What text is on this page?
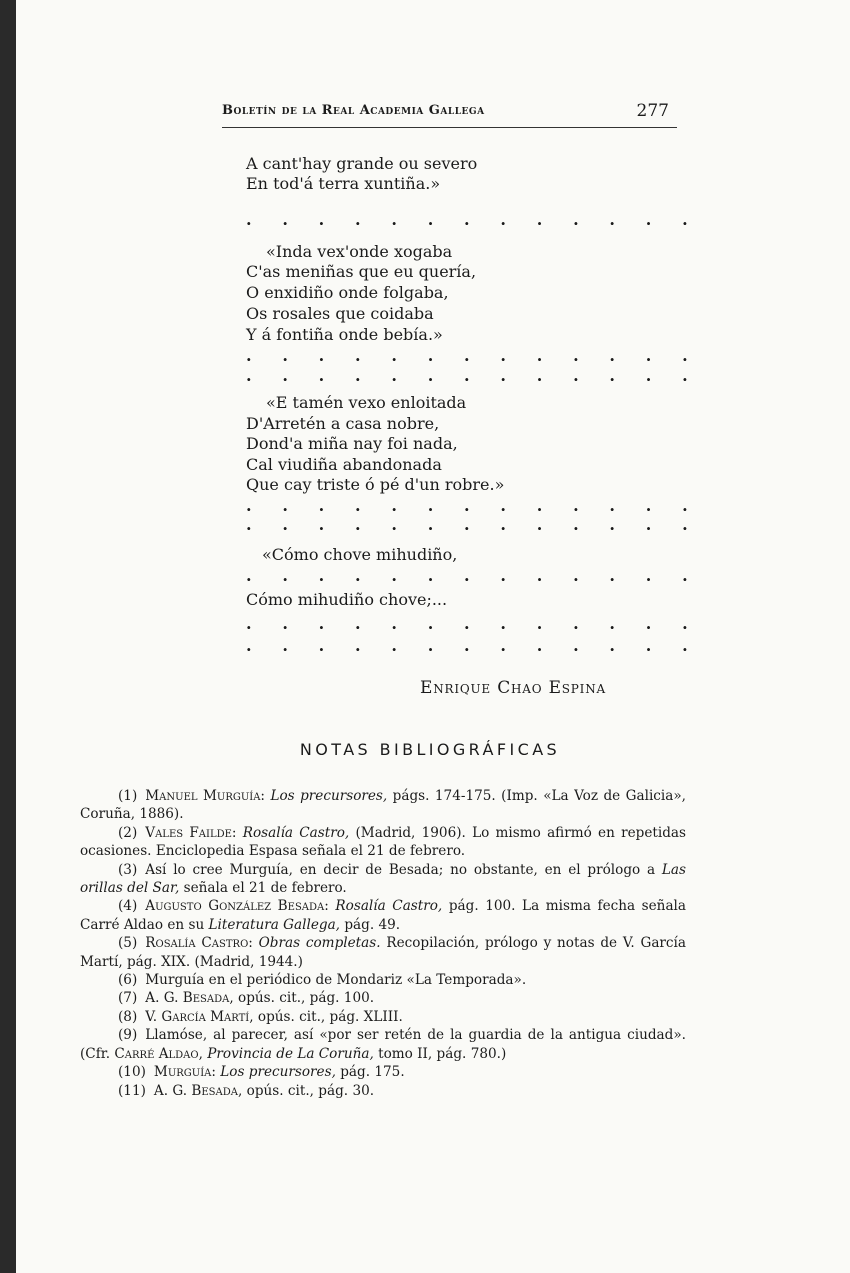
Boletín de la Real Academia Gallega	277
A cant'hay grande ou severo
En tod'á terra xuntiña.»
. . . . . . . . . . . . .
«Inda vex'onde xogaba
C'as meniñas que eu quería,
O enxidiño onde folgaba,
Os rosales que coidaba
Y á fontiña onde bebía.»
. . . . . . . . . . . . .
. . . . . . . . . . . . .
«E tamén vexo enloitada
D'Arretén a casa nobre,
Dond'a miña nay foi nada,
Cal viudiña abandonada
Que cay triste ó pé d'un robre.»
. . . . . . . . . . . . .
. . . . . . . . . . . . .
«Cómo chove mihudiño,
. . . . . . . . . . . . .
Cómo mihudiño chove;...
. . . . . . . . . . . . .
. . . . . . . . . . . . .
Enrique Chao Espina
NOTAS BIBLIOGRÁFICAS

(1) Manuel Murguía: Los precursores, págs. 174-175. (Imp. «La Voz de Galicia», Coruña, 1886).

(2) Vales Failde: Rosalía Castro, (Madrid, 1906). Lo mismo afirmó en repetidas ocasiones. Enciclopedia Espasa señala el 21 de febrero.

(3) Así lo cree Murguía, en decir de Besada; no obstante, en el prólogo a Las orillas del Sar, señala el 21 de febrero.

(4) Augusto González Besada: Rosalía Castro, pág. 100. La misma fecha señala Carré Aldao en su Literatura Gallega, pág. 49.

(5) Rosalía Castro: Obras completas. Recopilación, prólogo y notas de V. García Martí, pág. XIX. (Madrid, 1944.)

(6) Murguía en el periódico de Mondariz «La Temporada».

(7) A. G. Besada, opús. cit., pág. 100.

(8) V. García Martí, opús. cit., pág. XLIII.

(9) Llamóse, al parecer, así «por ser retén de la guardia de la antigua ciudad». (Cfr. Carré Aldao, Provincia de La Coruña, tomo II, pág. 780.)

(10) Murguía: Los precursores, pág. 175.

(11) A. G. Besada, opús. cit., pág. 30.
